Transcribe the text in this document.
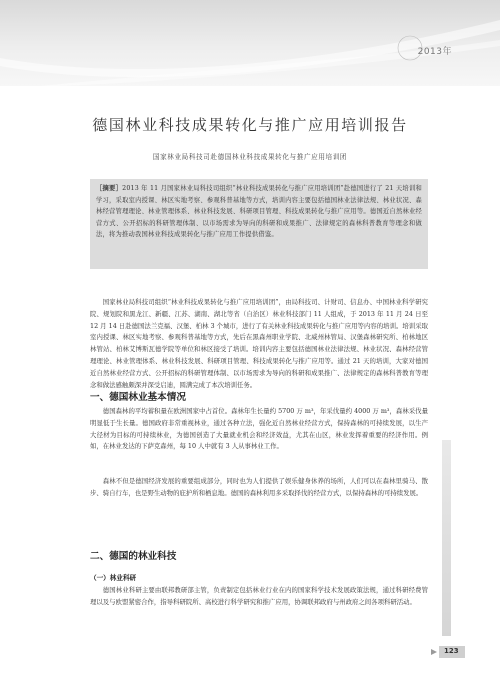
2013年
德国林业科技成果转化与推广应用培训报告
国家林业局科技司赴德国林业科技成果转化与推广应用培训团
［摘要］2013 年 11 月国家林业局科技司组织“林业科技成果转化与推广应用培训团”赴德国进行了 21 天培训和学习，采取室内授课、林区实地考察、参观科普基地等方式，培训内容主要包括德国林业法律法规、林业状况、森林经营管理理论、林业管理体系、林业科技发展、科研项目管理、科技成果转化与推广应用等。德国近自然林业经营方式、公开招标的科研管理体制、以市场需求为导向的科研和成果推广、法律规定的森林科普教育等理念和做法，将为推动我国林业科技成果转化与推广应用工作提供借鉴。

国家林业局科技司组织“林业科技成果转化与推广应用培训团”，由局科技司、计财司、信息办、中国林业科学研究院、规划院和黑龙江、新疆、江苏、湖南、湖北等省（自治区）林业科技部门 11 人组成，于 2013 年 11 月 24 日至 12 月 14 日赴德国法兰克福、汉堡、柏林 3 个城市，进行了有关林业科技成果转化与推广应用等内容的培训。培训采取室内授课、林区实地考察、参观科普基地等方式，先后在黑森州职业学院、北威州林管局、汉堡森林研究所、柏林地区林管站、柏林艾博斯瓦德学院等单位和林区接受了培训。培训内容主要包括德国林业法律法规、林业状况、森林经营管理理论、林业管理体系、林业科技发展、科研项目管理、科技成果转化与推广应用等。通过 21 天的培训，大家对德国近自然林业经营方式、公开招标的科研管理体制、以市场需求为导向的科研和成果推广、法律规定的森林科普教育等理念和做法感触颇深并深受启迪，圆满完成了本次培训任务。

一、德国林业基本情况

德国森林的平均蓄积量在欧洲国家中占首位。森林年生长量约 5700 万 m³，年采伐量约 4000 万 m³，森林采伐量明显低于生长量。德国政府非常重视林业，通过各种立法，强化近自然林业经营方式，保持森林的可持续发展，以生产大径材为目标的可持续林业，为德国创造了大量就业机会和经济效益，尤其在山区，林业发挥着重要的经济作用。例如，在林业发达的下萨克森州，每 10 人中就有 3 人从事林业工作。

森林不但是德国经济发展的重要组成部分，同时也为人们提供了娱乐健身休养的场所，人们可以在森林里骑马、散步、骑自行车，也是野生动物的庇护所和栖息地。德国的森林利用多采取择伐的经营方式，以保持森林的可持续发展。

二、德国的林业科技

（一）林业科研

德国林业科研主要由联邦教研部主管，负责制定包括林业行业在内的国家科学技术发展政策法规，通过科研经费管理以及与欧盟紧密合作，指导科研院所、高校进行科学研究和推广应用，协调联邦政府与州政府之间各项科研活动。

123
